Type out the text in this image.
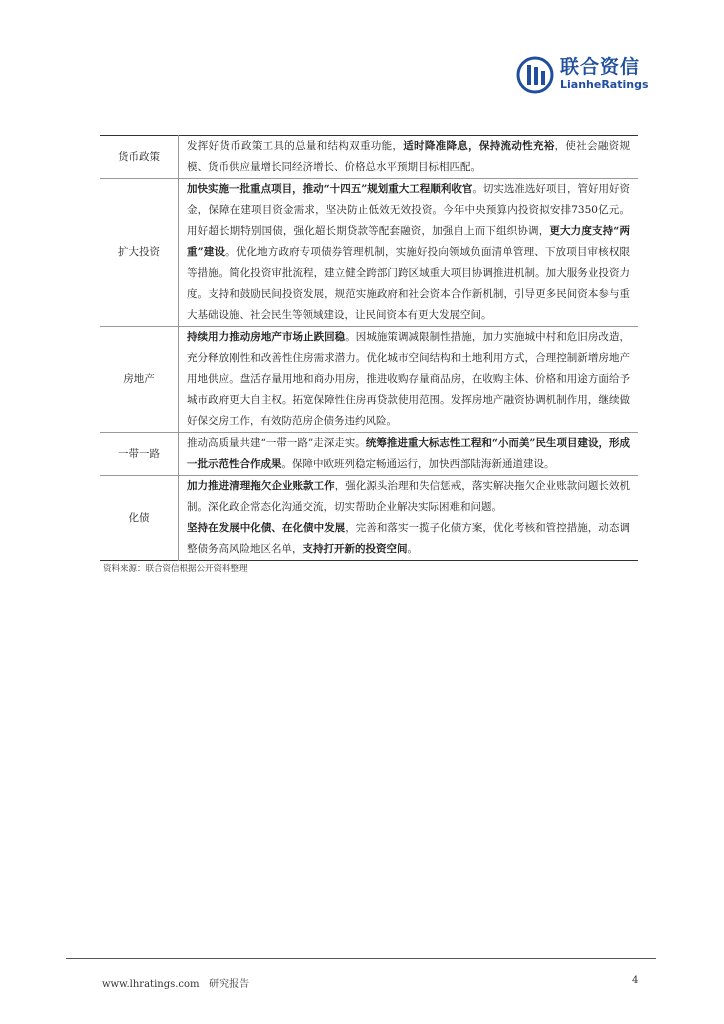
联合资信
LianheRatings
货币政策	发挥好货币政策工具的总量和结构双重功能，适时降准降息，保持流动性充裕，使社会融资规模、货币供应量增长同经济增长、价格总水平预期目标相匹配。
扩大投资	加快实施一批重点项目，推动“十四五”规划重大工程顺利收官。切实选准选好项目，管好用好资金，保障在建项目资金需求，坚决防止低效无效投资。今年中央预算内投资拟安排7350亿元。用好超长期特别国债，强化超长期贷款等配套融资，加强自上而下组织协调，更大力度支持“两重”建设。优化地方政府专项债券管理机制，实施好投向领域负面清单管理、下放项目审核权限等措施。简化投资审批流程，建立健全跨部门跨区域重大项目协调推进机制。加大服务业投资力度。支持和鼓励民间投资发展，规范实施政府和社会资本合作新机制，引导更多民间资本参与重大基础设施、社会民生等领域建设，让民间资本有更大发展空间。
房地产	持续用力推动房地产市场止跌回稳。因城施策调减限制性措施，加力实施城中村和危旧房改造，充分释放刚性和改善性住房需求潜力。优化城市空间结构和土地利用方式，合理控制新增房地产用地供应。盘活存量用地和商办用房，推进收购存量商品房，在收购主体、价格和用途方面给予城市政府更大自主权。拓宽保障性住房再贷款使用范围。发挥房地产融资协调机制作用，继续做好保交房工作，有效防范房企债务违约风险。
一带一路	推动高质量共建“一带一路”走深走实。统筹推进重大标志性工程和“小而美”民生项目建设，形成一批示范性合作成果。保障中欧班列稳定畅通运行，加快西部陆海新通道建设。
化债	加力推进清理拖欠企业账款工作，强化源头治理和失信惩戒，落实解决拖欠企业账款问题长效机制。深化政企常态化沟通交流，切实帮助企业解决实际困难和问题。

坚持在发展中化债、在化债中发展，完善和落实一揽子化债方案，优化考核和管控措施，动态调整债务高风险地区名单，支持打开新的投资空间。

资料来源：联合资信根据公开资料整理
www.lhratings.com 研究报告	4
